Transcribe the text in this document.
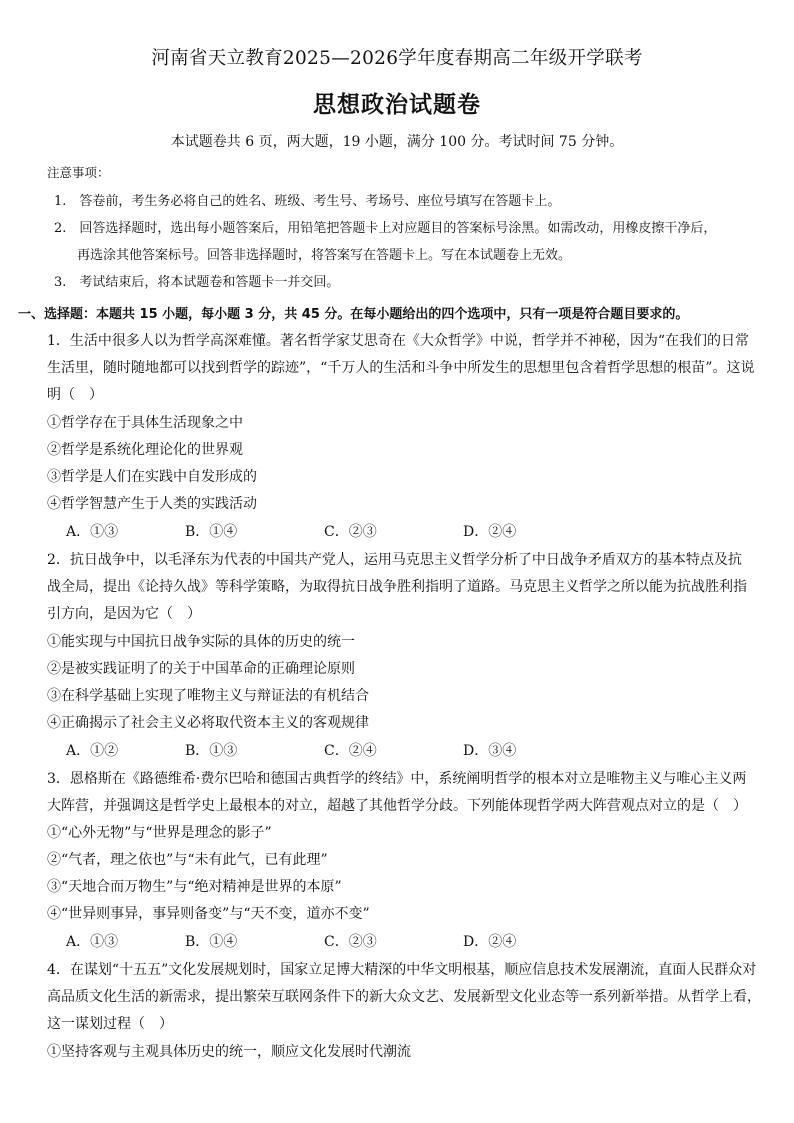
河南省天立教育2025—2026学年度春期高二年级开学联考
思想政治试题卷
本试题卷共 6 页，两大题，19 小题，满分 100 分。考试时间 75 分钟。
注意事项：
1.　答卷前，考生务必将自己的姓名、班级、考生号、考场号、座位号填写在答题卡上。
2.　回答选择题时，选出每小题答案后，用铅笔把答题卡上对应题目的答案标号涂黑。如需改动，用橡皮擦干净后，
再选涂其他答案标号。回答非选择题时，将答案写在答题卡上。写在本试题卷上无效。
3.　考试结束后，将本试题卷和答题卡一并交回。
一、选择题：本题共 15 小题，每小题 3 分，共 45 分。在每小题给出的四个选项中，只有一项是符合题目要求的。
1．生活中很多人以为哲学高深难懂。著名哲学家艾思奇在《大众哲学》中说，哲学并不神秘，因为“在我们的日常
生活里，随时随地都可以找到哲学的踪迹”，“千万人的生活和斗争中所发生的思想里包含着哲学思想的根苗”。这说
明（　）
①哲学存在于具体生活现象之中
②哲学是系统化理论化的世界观
③哲学是人们在实践中自发形成的
④哲学智慧产生于人类的实践活动
A．①③	B．①④	C．②③	D．②④
2．抗日战争中，以毛泽东为代表的中国共产党人，运用马克思主义哲学分析了中日战争矛盾双方的基本特点及抗
战全局，提出《论持久战》等科学策略，为取得抗日战争胜利指明了道路。马克思主义哲学之所以能为抗战胜利指
引方向，是因为它（　）
①能实现与中国抗日战争实际的具体的历史的统一
②是被实践证明了的关于中国革命的正确理论原则
③在科学基础上实现了唯物主义与辩证法的有机结合
④正确揭示了社会主义必将取代资本主义的客观规律
A．①②	B．①③	C．②④	D．③④
3．恩格斯在《路德维希·费尔巴哈和德国古典哲学的终结》中，系统阐明哲学的根本对立是唯物主义与唯心主义两
大阵营，并强调这是哲学史上最根本的对立，超越了其他哲学分歧。下列能体现哲学两大阵营观点对立的是（　）
①“心外无物”与“世界是理念的影子”
②“气者，理之依也”与“未有此气，已有此理”
③“天地合而万物生”与“绝对精神是世界的本原”
④“世异则事异，事异则备变”与“天不变，道亦不变”
A．①③	B．①④	C．②③	D．②④
4．在谋划“十五五”文化发展规划时，国家立足博大精深的中华文明根基，顺应信息技术发展潮流，直面人民群众对
高品质文化生活的新需求，提出繁荣互联网条件下的新大众文艺、发展新型文化业态等一系列新举措。从哲学上看，
这一谋划过程（　）
①坚持客观与主观具体历史的统一，顺应文化发展时代潮流
